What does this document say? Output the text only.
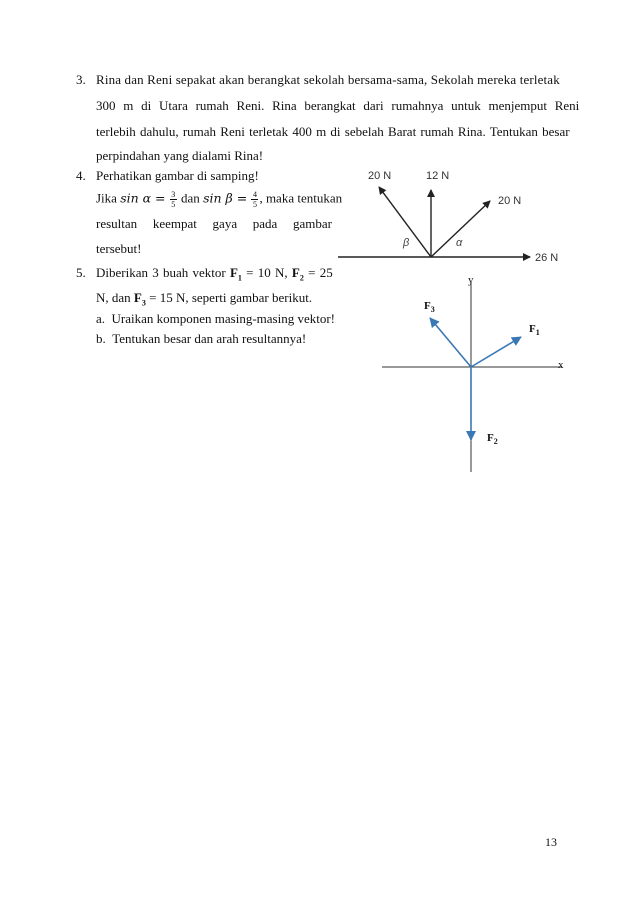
3. Rina dan Reni sepakat akan berangkat sekolah bersama-sama, Sekolah mereka terletak
300 m di Utara rumah Reni. Rina berangkat dari rumahnya untuk menjemput Reni
terlebih dahulu, rumah Reni terletak 400 m di sebelah Barat rumah Rina. Tentukan besar
perpindahan yang dialami Rina!
4. Perhatikan gambar di samping!
Jika $\sin \alpha = \frac{3}{5}$ dan $\sin \beta = \frac{4}{5}$ , maka tentukan
resultan keempat gaya pada gambar
tersebut!
5. Diberikan 3 buah vektor $F_1 = 10$ N, $F_2 = 25$
N, dan $F_3 = 15$ N, seperti gambar berikut.
a.  Uraikan komponen masing-masing vektor!
b.  Tentukan besar dan arah resultannya!
20 N	12 N
20 N
26 N
β	α
y
x
$F_1$
$F_2$
$F_3$
13
